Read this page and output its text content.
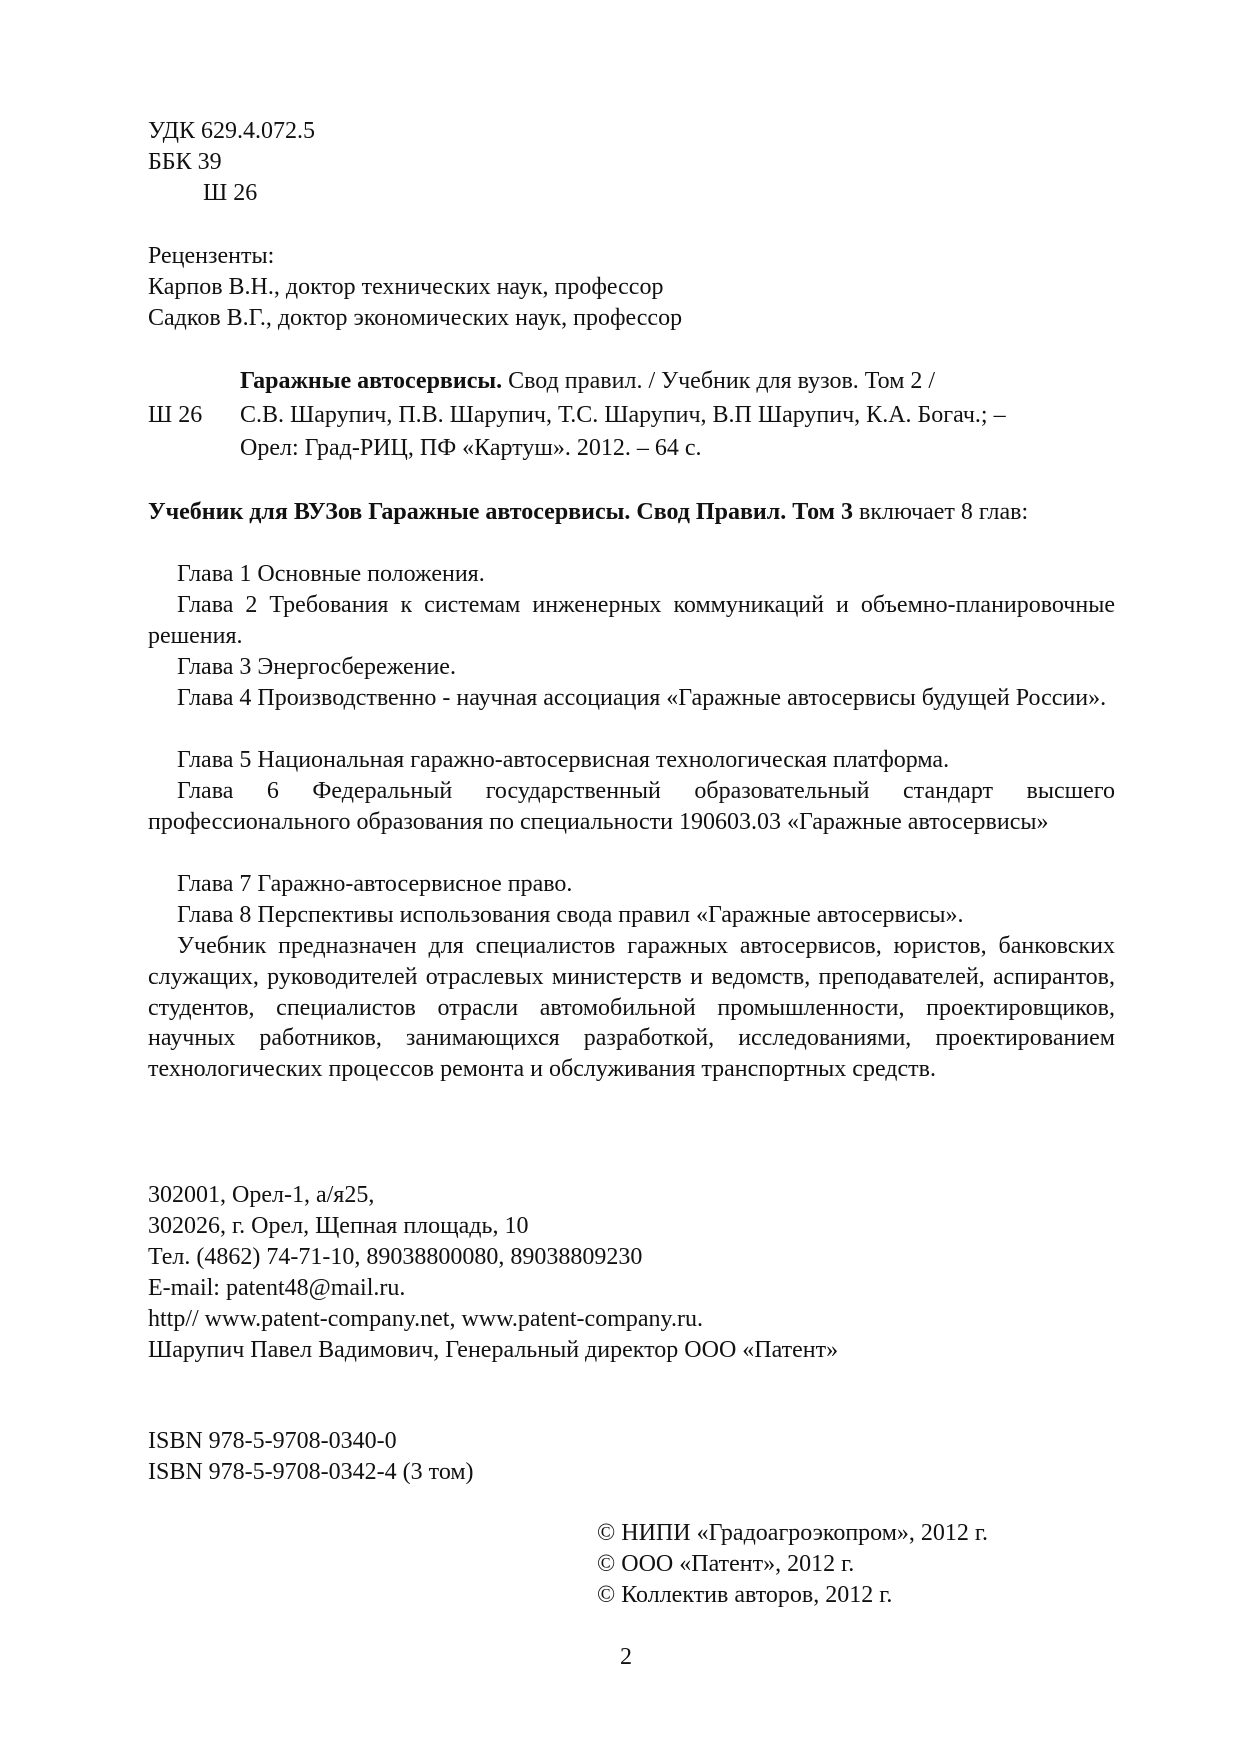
УДК 629.4.072.5
ББК 39
Ш 26
Рецензенты:
Карпов В.Н., доктор технических наук, профессор
Садков В.Г., доктор экономических наук, профессор
Ш 26
Гаражные автосервисы. Свод правил. / Учебник для вузов. Том 2 /
С.В. Шарупич, П.В. Шарупич, Т.С. Шарупич, В.П Шарупич, К.А. Богач.; –
Орел: Град-РИЦ, ПФ «Картуш». 2012. – 64 с.
Учебник для ВУЗов Гаражные автосервисы. Свод Правил. Том 3 включает 8 глав:
Глава 1 Основные положения.
Глава 2 Требования к системам инженерных коммуникаций и объемно-планировочные решения.
Глава 3 Энергосбережение.
Глава 4 Производственно - научная ассоциация «Гаражные автосервисы будущей России».
Глава 5 Национальная гаражно-автосервисная технологическая платформа.
Глава 6 Федеральный государственный образовательный стандарт высшего профессионального образования по специальности 190603.03 «Гаражные автосервисы»
Глава 7 Гаражно-автосервисное право.
Глава 8 Перспективы использования свода правил «Гаражные автосервисы».
Учебник предназначен для специалистов гаражных автосервисов, юристов, банковских служащих, руководителей отраслевых министерств и ведомств, преподавателей, аспирантов, студентов, специалистов отрасли автомобильной промышленности, проектировщиков, научных работников, занимающихся разработкой, исследованиями, проектированием технологических процессов ремонта и обслуживания транспортных средств.
302001, Орел-1, а/я25,
302026, г. Орел, Щепная площадь, 10
Тел. (4862) 74-71-10, 89038800080, 89038809230
E-mail: patent48@mail.ru.
http// www.patent-company.net, www.patent-company.ru.
Шарупич Павел Вадимович, Генеральный директор ООО «Патент»
ISBN 978-5-9708-0340-0
ISBN 978-5-9708-0342-4 (3 том)
© НИПИ «Градоагроэкопром», 2012 г.
© ООО «Патент», 2012 г.
© Коллектив авторов, 2012 г.
2
